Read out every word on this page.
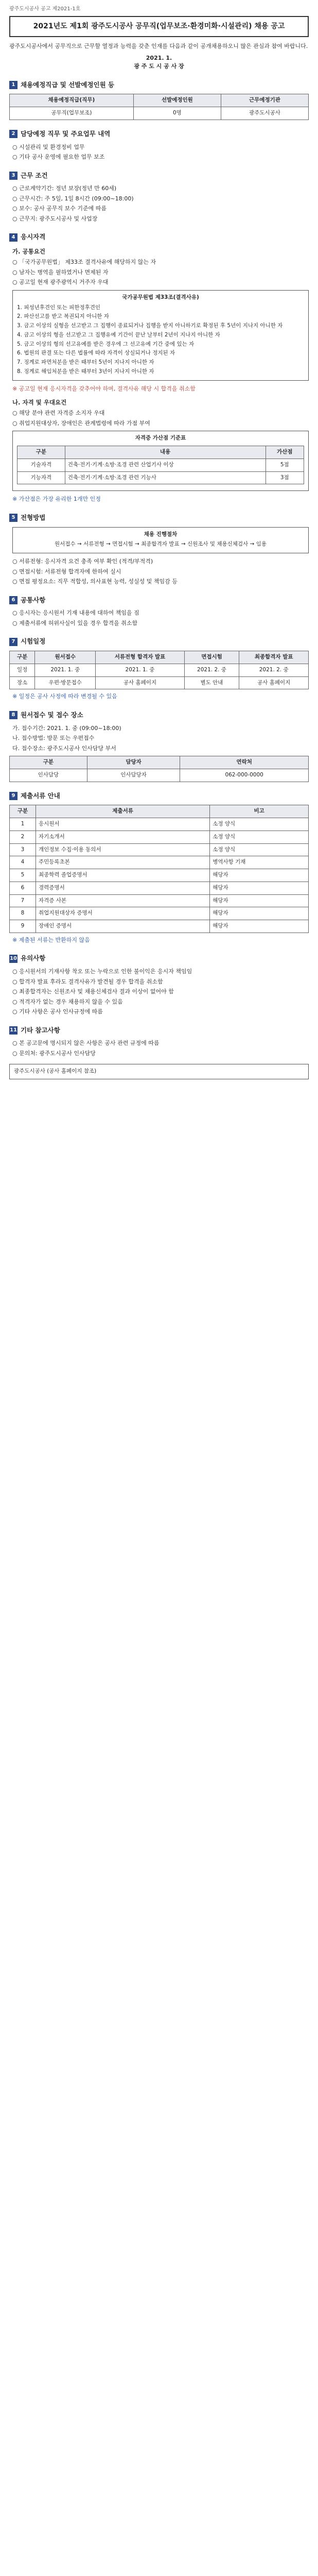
광주도시공사 공고 제2021-1호
2021년도 제1회 광주도시공사 공무직(업무보조·환경미화·시설관리) 채용 공고
광주도시공사에서 공무직으로 근무할 열정과 능력을 갖춘 인재를 다음과 같이 공개채용하오니 많은 관심과 참여 바랍니다.
2021. 1.
광 주 도 시 공 사 장
1 채용예정직급 및 선발예정인원 등
채용예정직급(직무)	선발예정인원	근무예정기관
공무직(업무보조)	0명	광주도시공사
2 담당예정 직무 및 주요업무 내역
○ 시설관리 및 환경정비 업무
○ 기타 공사 운영에 필요한 업무 보조
3 근무 조건
○ 근로계약기간: 정년 보장(정년 만 60세)
○ 근무시간: 주 5일, 1일 8시간 (09:00~18:00)
○ 보수: 공사 공무직 보수 기준에 따름
○ 근무지: 광주도시공사 및 사업장
4 응시자격
가. 공통요건
○ 「국가공무원법」 제33조 결격사유에 해당하지 않는 자
○ 남자는 병역을 필하였거나 면제된 자
○ 공고일 현재 광주광역시 거주자 우대
국가공무원법 제33조(결격사유)
1. 피성년후견인 또는 피한정후견인
2. 파산선고를 받고 복권되지 아니한 자
3. 금고 이상의 실형을 선고받고 그 집행이 종료되거나 집행을 받지 아니하기로 확정된 후 5년이 지나지 아니한 자
4. 금고 이상의 형을 선고받고 그 집행유예 기간이 끝난 날부터 2년이 지나지 아니한 자
5. 금고 이상의 형의 선고유예를 받은 경우에 그 선고유예 기간 중에 있는 자
6. 법원의 판결 또는 다른 법률에 따라 자격이 상실되거나 정지된 자
7. 징계로 파면처분을 받은 때부터 5년이 지나지 아니한 자
8. 징계로 해임처분을 받은 때부터 3년이 지나지 아니한 자
※ 공고일 현재 응시자격을 갖추어야 하며, 결격사유 해당 시 합격을 취소함
나. 자격 및 우대요건
○ 해당 분야 관련 자격증 소지자 우대
○ 취업지원대상자, 장애인은 관계법령에 따라 가점 부여
자격증 가산점 기준표
구분	내용	가산점
기술자격	건축·전기·기계·소방·조경 관련 산업기사 이상	5점
기능자격	건축·전기·기계·소방·조경 관련 기능사	3점
※ 가산점은 가장 유리한 1개만 인정
5 전형방법
채용 진행절차
원서접수 → 서류전형 → 면접시험 → 최종합격자 발표 → 신원조사 및 채용신체검사 → 임용
○ 서류전형: 응시자격 요건 충족 여부 확인 (적격/부적격)
○ 면접시험: 서류전형 합격자에 한하여 실시
○ 면접 평정요소: 직무 적합성, 의사표현 능력, 성실성 및 책임감 등
6 공통사항
○ 응시자는 응시원서 기재 내용에 대하여 책임을 짐
○ 제출서류에 허위사실이 있을 경우 합격을 취소함
7 시험일정
구분	원서접수	서류전형 합격자 발표	면접시험	최종합격자 발표
일정	2021. 1. 중	2021. 1. 중	2021. 2. 중	2021. 2. 중
장소	우편·방문접수	공사 홈페이지	별도 안내	공사 홈페이지
※ 일정은 공사 사정에 따라 변경될 수 있음
8 원서접수 및 접수 장소
가. 접수기간: 2021. 1. 중 (09:00~18:00)
나. 접수방법: 방문 또는 우편접수
다. 접수장소: 광주도시공사 인사담당 부서
구분	담당자	연락처
인사담당	인사담당자	062-000-0000
9 제출서류 안내
구분	제출서류	비고
1	응시원서	소정 양식
2	자기소개서	소정 양식
3	개인정보 수집·이용 동의서	소정 양식
4	주민등록초본	병역사항 기재
5	최종학력 졸업증명서	해당자
6	경력증명서	해당자
7	자격증 사본	해당자
8	취업지원대상자 증명서	해당자
9	장애인 증명서	해당자
※ 제출된 서류는 반환하지 않음
10 유의사항
○ 응시원서의 기재사항 착오 또는 누락으로 인한 불이익은 응시자 책임임
○ 합격자 발표 후라도 결격사유가 발견될 경우 합격을 취소함
○ 최종합격자는 신원조사 및 채용신체검사 결과 이상이 없어야 함
○ 적격자가 없는 경우 채용하지 않을 수 있음
○ 기타 사항은 공사 인사규정에 따름
11 기타 참고사항
○ 본 공고문에 명시되지 않은 사항은 공사 관련 규정에 따름
○ 문의처: 광주도시공사 인사담당
광주도시공사 (공사 홈페이지 참조)
